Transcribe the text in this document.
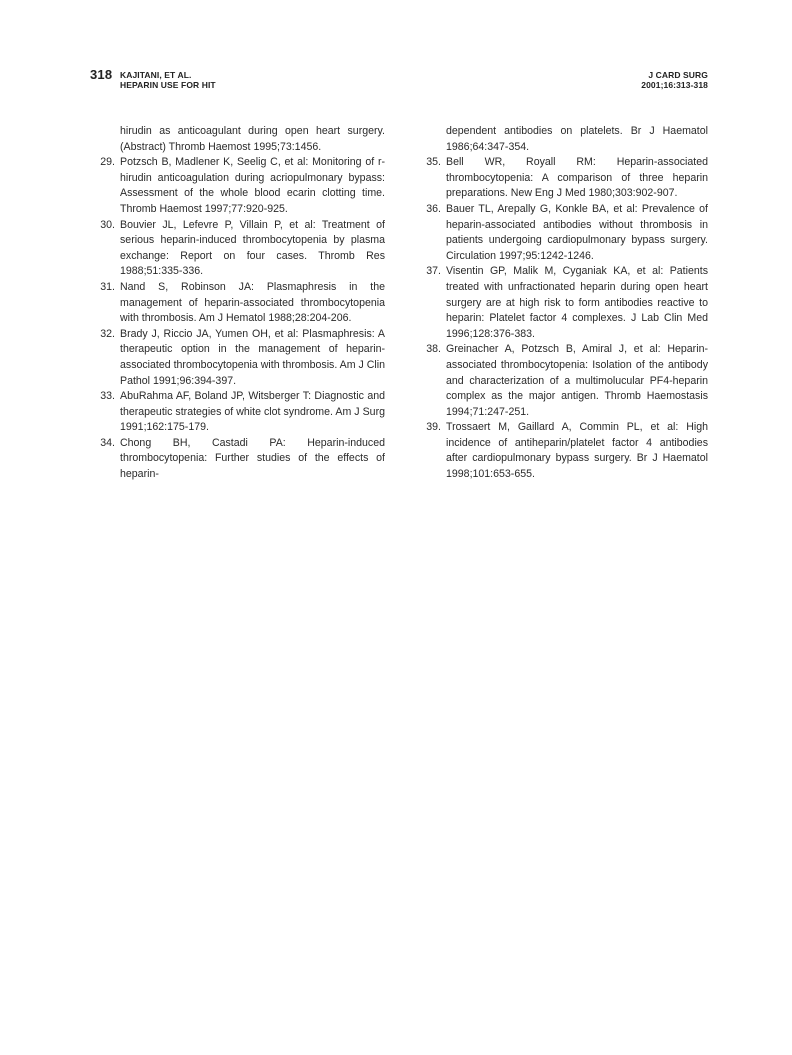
318 KAJITANI, ET AL.
HEPARIN USE FOR HIT
J CARD SURG
2001;16:313-318
hirudin as anticoagulant during open heart surgery. (Abstract) Thromb Haemost 1995;73:1456.
29. Potzsch B, Madlener K, Seelig C, et al: Monitoring of r-hirudin anticoagulation during acriopulmonary bypass: Assessment of the whole blood ecarin clotting time. Thromb Haemost 1997;77:920-925.
30. Bouvier JL, Lefevre P, Villain P, et al: Treatment of serious heparin-induced thrombocytopenia by plasma exchange: Report on four cases. Thromb Res 1988;51:335-336.
31. Nand S, Robinson JA: Plasmaphresis in the management of heparin-associated thrombocytopenia with thrombosis. Am J Hematol 1988;28:204-206.
32. Brady J, Riccio JA, Yumen OH, et al: Plasmaphresis: A therapeutic option in the management of heparin-associated thrombocytopenia with thrombosis. Am J Clin Pathol 1991;96:394-397.
33. AbuRahma AF, Boland JP, Witsberger T: Diagnostic and therapeutic strategies of white clot syndrome. Am J Surg 1991;162:175-179.
34. Chong BH, Castadi PA: Heparin-induced thrombocytopenia: Further studies of the effects of heparin-
dependent antibodies on platelets. Br J Haematol 1986;64:347-354.
35. Bell WR, Royall RM: Heparin-associated thrombocytopenia: A comparison of three heparin preparations. New Eng J Med 1980;303:902-907.
36. Bauer TL, Arepally G, Konkle BA, et al: Prevalence of heparin-associated antibodies without thrombosis in patients undergoing cardiopulmonary bypass surgery. Circulation 1997;95:1242-1246.
37. Visentin GP, Malik M, Cyganiak KA, et al: Patients treated with unfractionated heparin during open heart surgery are at high risk to form antibodies reactive to heparin: Platelet factor 4 complexes. J Lab Clin Med 1996;128:376-383.
38. Greinacher A, Potzsch B, Amiral J, et al: Heparin-associated thrombocytopenia: Isolation of the antibody and characterization of a multimolucular PF4-heparin complex as the major antigen. Thromb Haemostasis 1994;71:247-251.
39. Trossaert M, Gaillard A, Commin PL, et al: High incidence of antiheparin/platelet factor 4 antibodies after cardiopulmonary bypass surgery. Br J Haematol 1998;101:653-655.
